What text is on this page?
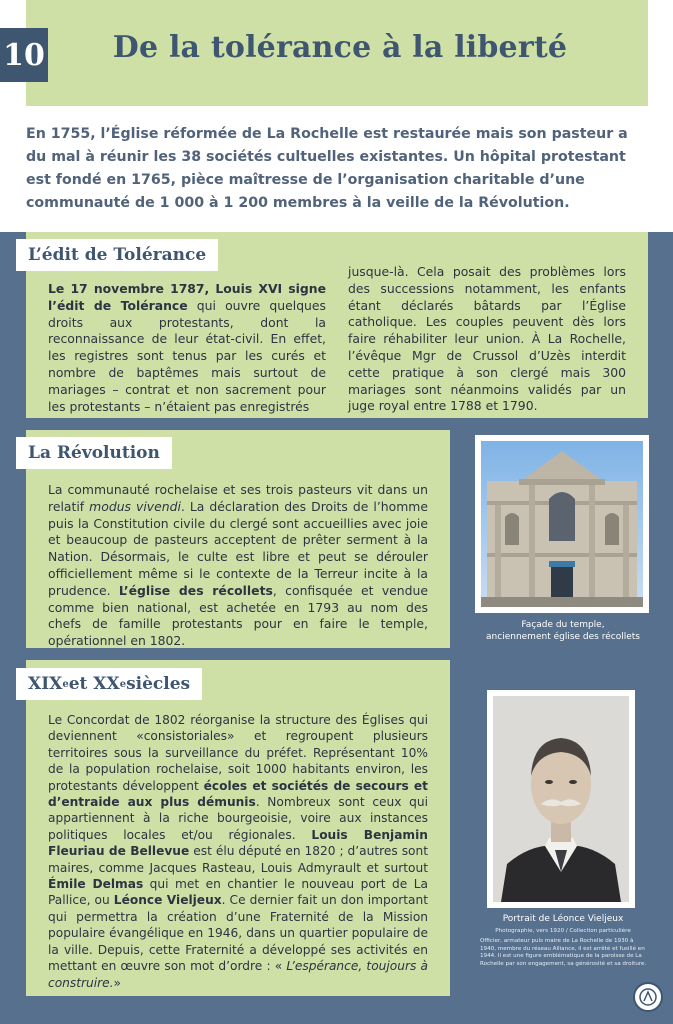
10	De la tolérance à la liberté
En 1755, l’Église réformée de La Rochelle est restaurée mais son pasteur a du mal à réunir les 38 sociétés cultuelles existantes. Un hôpital protestant est fondé en 1765, pièce maîtresse de l’organisation charitable d’une communauté de 1 000 à 1 200 membres à la veille de la Révolution.
L’édit de Tolérance
Le 17 novembre 1787, Louis XVI signe l’édit de Tolérance qui ouvre quelques droits aux protestants, dont la reconnaissance de leur état-civil. En effet, les registres sont tenus par les curés et nombre de baptêmes mais surtout de mariages – contrat et non sacrement pour les protestants – n’étaient pas enregistrés
jusque-là. Cela posait des problèmes lors des successions notamment, les enfants étant déclarés bâtards par l’Église catholique. Les couples peuvent dès lors faire réhabiliter leur union. À La Rochelle, l’évêque Mgr de Crussol d’Uzès interdit cette pratique à son clergé mais 300 mariages sont néanmoins validés par un juge royal entre 1788 et 1790.
La Révolution
La communauté rochelaise et ses trois pasteurs vit dans un relatif modus vivendi. La déclaration des Droits de l’homme puis la Constitution civile du clergé sont accueillies avec joie et beaucoup de pasteurs acceptent de prêter serment à la Nation. Désormais, le culte est libre et peut se dérouler officiellement même si le contexte de la Terreur incite à la prudence. L’église des récollets, confisquée et vendue comme bien national, est achetée en 1793 au nom des chefs de famille protestants pour en faire le temple, opérationnel en 1802.
Façade du temple,
anciennement église des récollets
XIX e et XX e siècles
Le Concordat de 1802 réorganise la structure des Églises qui deviennent «consistoriales» et regroupent plusieurs territoires sous la surveillance du préfet. Représentant 10% de la population rochelaise, soit 1000 habitants environ, les protestants développent écoles et sociétés de secours et d’entraide aux plus démunis. Nombreux sont ceux qui appartiennent à la riche bourgeoisie, voire aux instances politiques locales et/ou régionales. Louis Benjamin Fleuriau de Bellevue est élu député en 1820 ; d’autres sont maires, comme Jacques Rasteau, Louis Admyrault et surtout Émile Delmas qui met en chantier le nouveau port de La Pallice, ou Léonce Vieljeux. Ce dernier fait un don important qui permettra la création d’une Fraternité de la Mission populaire évangélique en 1946, dans un quartier populaire de la ville. Depuis, cette Fraternité a développé ses activités en mettant en œuvre son mot d’ordre : « L’espérance, toujours à construire.»
Portrait de Léonce Vieljeux
Photographie, vers 1920 / Collection particulière
Officier, armateur puis maire de La Rochelle de 1930 à 1940, membre du réseau Alliance, il est arrêté et fusillé en 1944. Il est une figure emblématique de la paroisse de La Rochelle par son engagement, sa générosité et sa droiture.
